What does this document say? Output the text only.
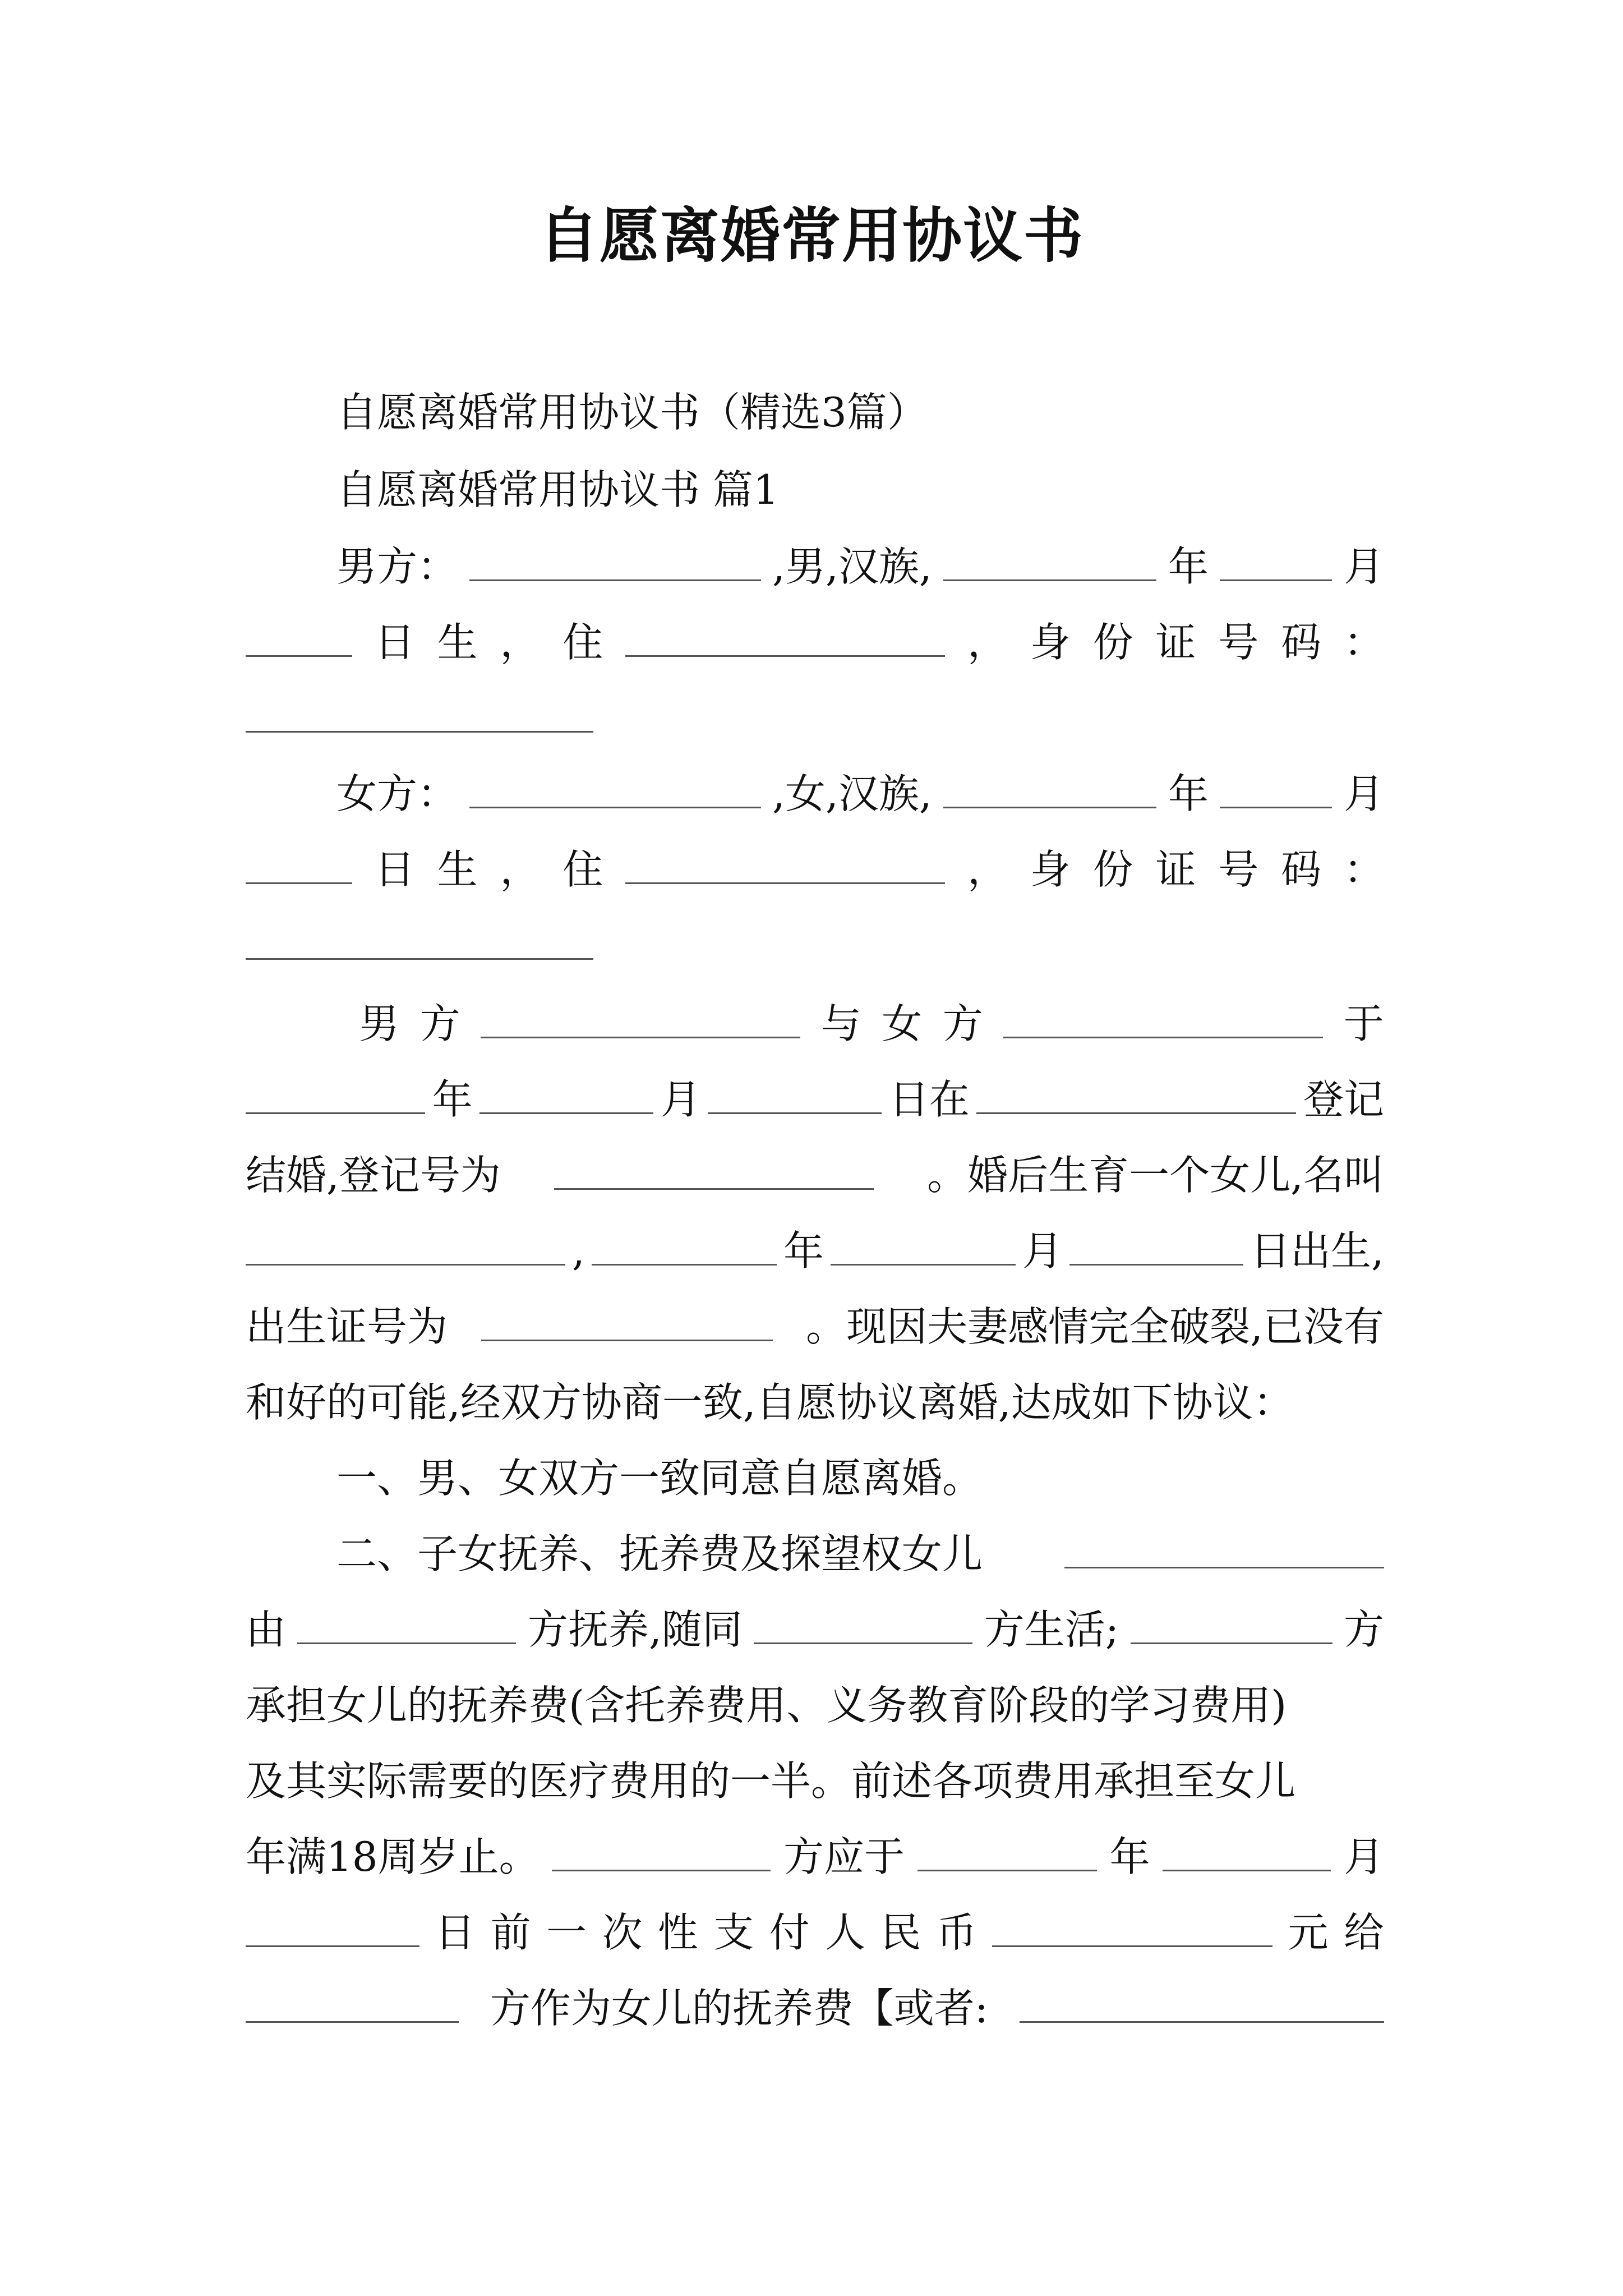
自愿离婚常用协议书
自愿离婚常用协议书（精选3篇）
自愿离婚常用协议书 篇1
男方：	,男,汉族,	年	月
日 生 ， 住	， 身 份 证 号 码 ：
女方：	,女,汉族,	年	月
日 生 ， 住	， 身 份 证 号 码 ：
男 方	与 女 方	于
年	月	日在	登记
结婚,登记号为	。婚后生育一个女儿,名叫
,	年	月	日出生,
出生证号为	。现因夫妻感情完全破裂,已没有
和好的可能,经双方协商一致,自愿协议离婚,达成如下协议：
一、男、女双方一致同意自愿离婚。
二、子女抚养、抚养费及探望权女儿
由	方抚养,随同	方生活;	方
承担女儿的抚养费(含托养费用、义务教育阶段的学习费用)
及其实际需要的医疗费用的一半。前述各项费用承担至女儿
年满18周岁止。	方应于	年	月
日 前 一 次 性 支 付 人 民 币	元 给
方作为女儿的抚养费【或者:
